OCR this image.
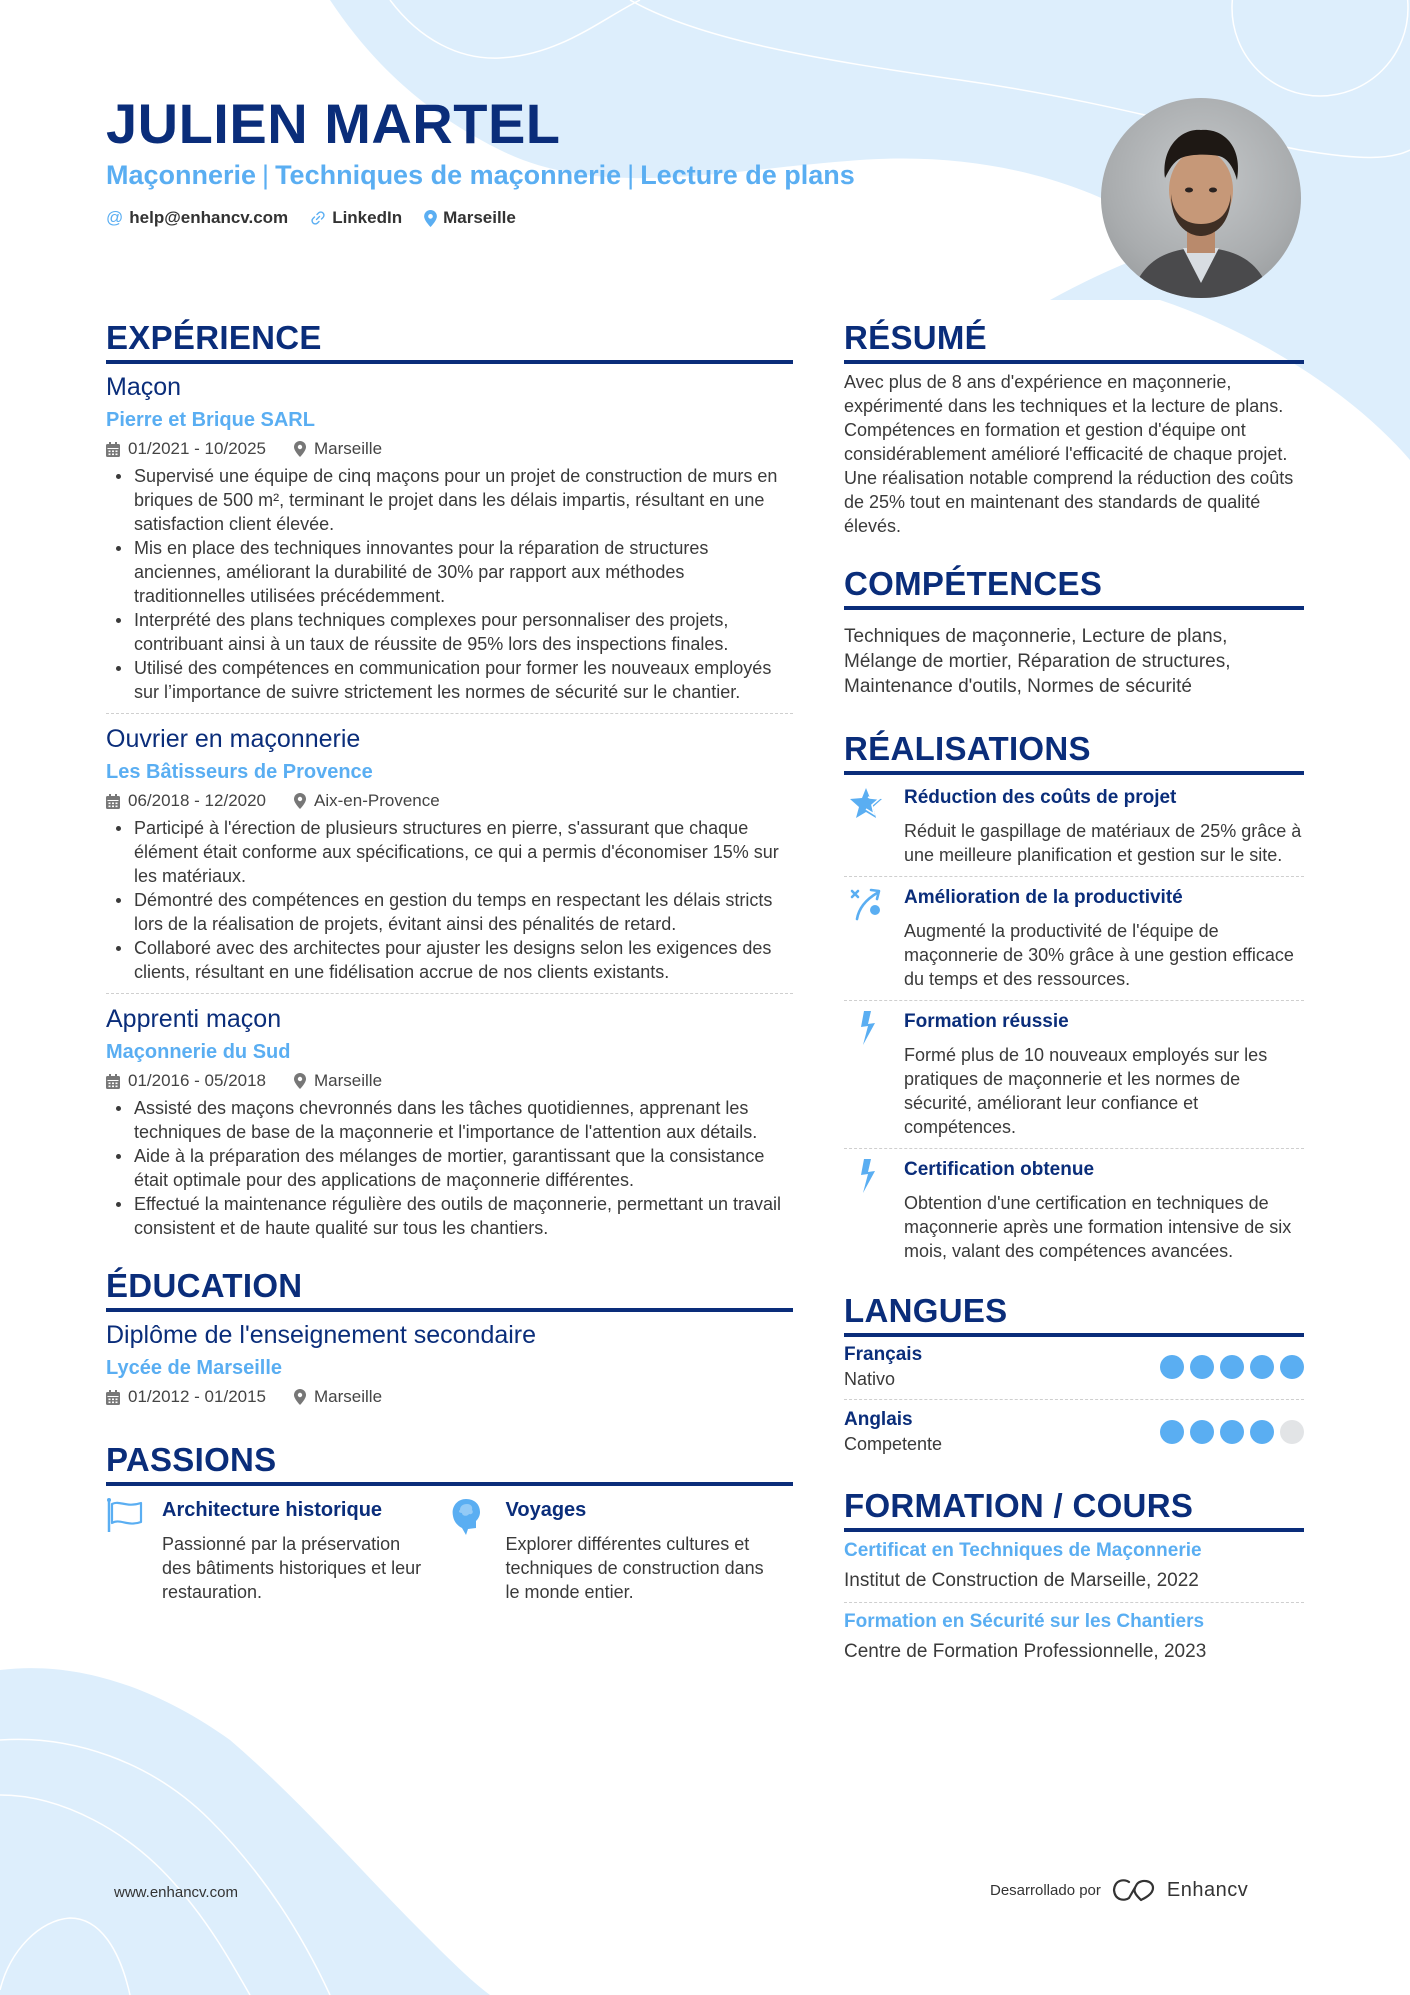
JULIEN MARTEL
Maçonnerie | Techniques de maçonnerie | Lecture de plans
@ help@enhancv.com	LinkedIn Marseille
EXPÉRIENCE
Maçon
Pierre et Brique SARL
01/2021 - 10/2025	Marseille
Supervisé une équipe de cinq maçons pour un projet de construction de murs en briques de 500 m², terminant le projet dans les délais impartis, résultant en une satisfaction client élevée.
Mis en place des techniques innovantes pour la réparation de structures anciennes, améliorant la durabilité de 30% par rapport aux méthodes traditionnelles utilisées précédemment.
Interprété des plans techniques complexes pour personnaliser des projets, contribuant ainsi à un taux de réussite de 95% lors des inspections finales.
Utilisé des compétences en communication pour former les nouveaux employés sur l’importance de suivre strictement les normes de sécurité sur le chantier.
Ouvrier en maçonnerie
Les Bâtisseurs de Provence
06/2018 - 12/2020	Aix-en-Provence
Participé à l'érection de plusieurs structures en pierre, s'assurant que chaque élément était conforme aux spécifications, ce qui a permis d'économiser 15% sur les matériaux.
Démontré des compétences en gestion du temps en respectant les délais stricts lors de la réalisation de projets, évitant ainsi des pénalités de retard.
Collaboré avec des architectes pour ajuster les designs selon les exigences des clients, résultant en une fidélisation accrue de nos clients existants.
Apprenti maçon
Maçonnerie du Sud
01/2016 - 05/2018	Marseille
Assisté des maçons chevronnés dans les tâches quotidiennes, apprenant les techniques de base de la maçonnerie et l'importance de l'attention aux détails.
Aide à la préparation des mélanges de mortier, garantissant que la consistance était optimale pour des applications de maçonnerie différentes.
Effectué la maintenance régulière des outils de maçonnerie, permettant un travail consistent et de haute qualité sur tous les chantiers.
ÉDUCATION
Diplôme de l'enseignement secondaire
Lycée de Marseille
01/2012 - 01/2015	Marseille
PASSIONS
Architecture historique
Passionné par la préservation des bâtiments historiques et leur restauration.
Voyages
Explorer différentes cultures et techniques de construction dans le monde entier.
RÉSUMÉ
Avec plus de 8 ans d'expérience en maçonnerie, expérimenté dans les techniques et la lecture de plans. Compétences en formation et gestion d'équipe ont considérablement amélioré l'efficacité de chaque projet. Une réalisation notable comprend la réduction des coûts de 25% tout en maintenant des standards de qualité élevés.
COMPÉTENCES
Techniques de maçonnerie, Lecture de plans, Mélange de mortier, Réparation de structures, Maintenance d'outils, Normes de sécurité
RÉALISATIONS
Réduction des coûts de projet
Réduit le gaspillage de matériaux de 25% grâce à une meilleure planification et gestion sur le site.
Amélioration de la productivité
Augmenté la productivité de l'équipe de maçonnerie de 30% grâce à une gestion efficace du temps et des ressources.
Formation réussie
Formé plus de 10 nouveaux employés sur les pratiques de maçonnerie et les normes de sécurité, améliorant leur confiance et compétences.
Certification obtenue
Obtention d'une certification en techniques de maçonnerie après une formation intensive de six mois, valant des compétences avancées.
LANGUES
Français
Nativo
Anglais
Competente
FORMATION / COURS
Certificat en Techniques de Maçonnerie
Institut de Construction de Marseille, 2022
Formation en Sécurité sur les Chantiers
Centre de Formation Professionnelle, 2023
www.enhancv.com	Desarrollado por	Enhancv
